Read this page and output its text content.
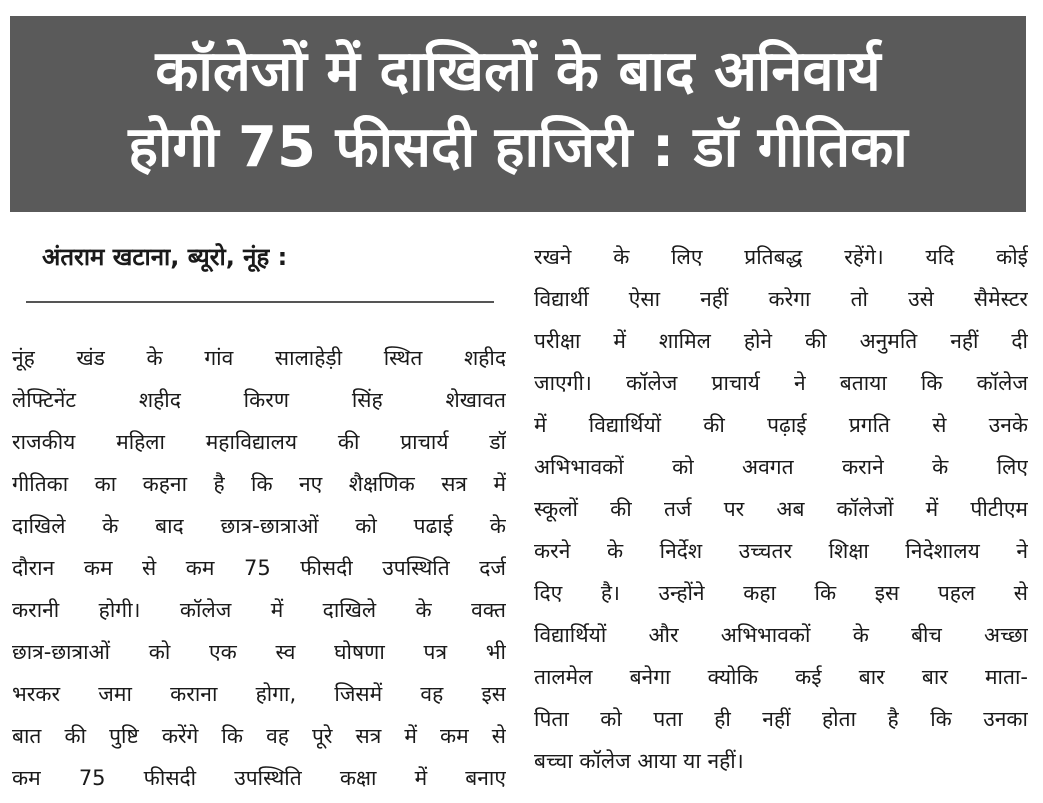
कॉलेजों में दाखिलों के बाद अनिवार्य
होगी 75 फीसदी हाजिरी : डॉ गीतिका
अंतराम खटाना, ब्यूरो, नूंह :
नूंह खंड के गांव सालाहेड़ी स्थित शहीद
लेफ्टिनेंट शहीद किरण सिंह शेखावत
राजकीय महिला महाविद्यालय की प्राचार्य डॉ
गीतिका का कहना है कि नए शैक्षणिक सत्र में
दाखिले के बाद छात्र-छात्राओं को पढाई के
दौरान कम से कम 75 फीसदी उपस्थिति दर्ज
करानी होगी। कॉलेज में दाखिले के वक्त
छात्र-छात्राओं को एक स्व घोषणा पत्र भी
भरकर जमा कराना होगा, जिसमें वह इस
बात की पुष्टि करेंगे कि वह पूरे सत्र में कम से
कम 75 फीसदी उपस्थिति कक्षा में बनाए
रखने के लिए प्रतिबद्ध रहेंगे। यदि कोई
विद्यार्थी ऐसा नहीं करेगा तो उसे सैमेस्टर
परीक्षा में शामिल होने की अनुमति नहीं दी
जाएगी। कॉलेज प्राचार्य ने बताया कि कॉलेज
में विद्यार्थियों की पढ़ाई प्रगति से उनके
अभिभावकों को अवगत कराने के लिए
स्कूलों की तर्ज पर अब कॉलेजों में पीटीएम
करने के निर्देश उच्चतर शिक्षा निदेशालय ने
दिए है। उन्होंने कहा कि इस पहल से
विद्यार्थियों और अभिभावकों के बीच अच्छा
तालमेल बनेगा क्योकि कई बार बार माता-
पिता को पता ही नहीं होता है कि उनका
बच्चा कॉलेज आया या नहीं।
